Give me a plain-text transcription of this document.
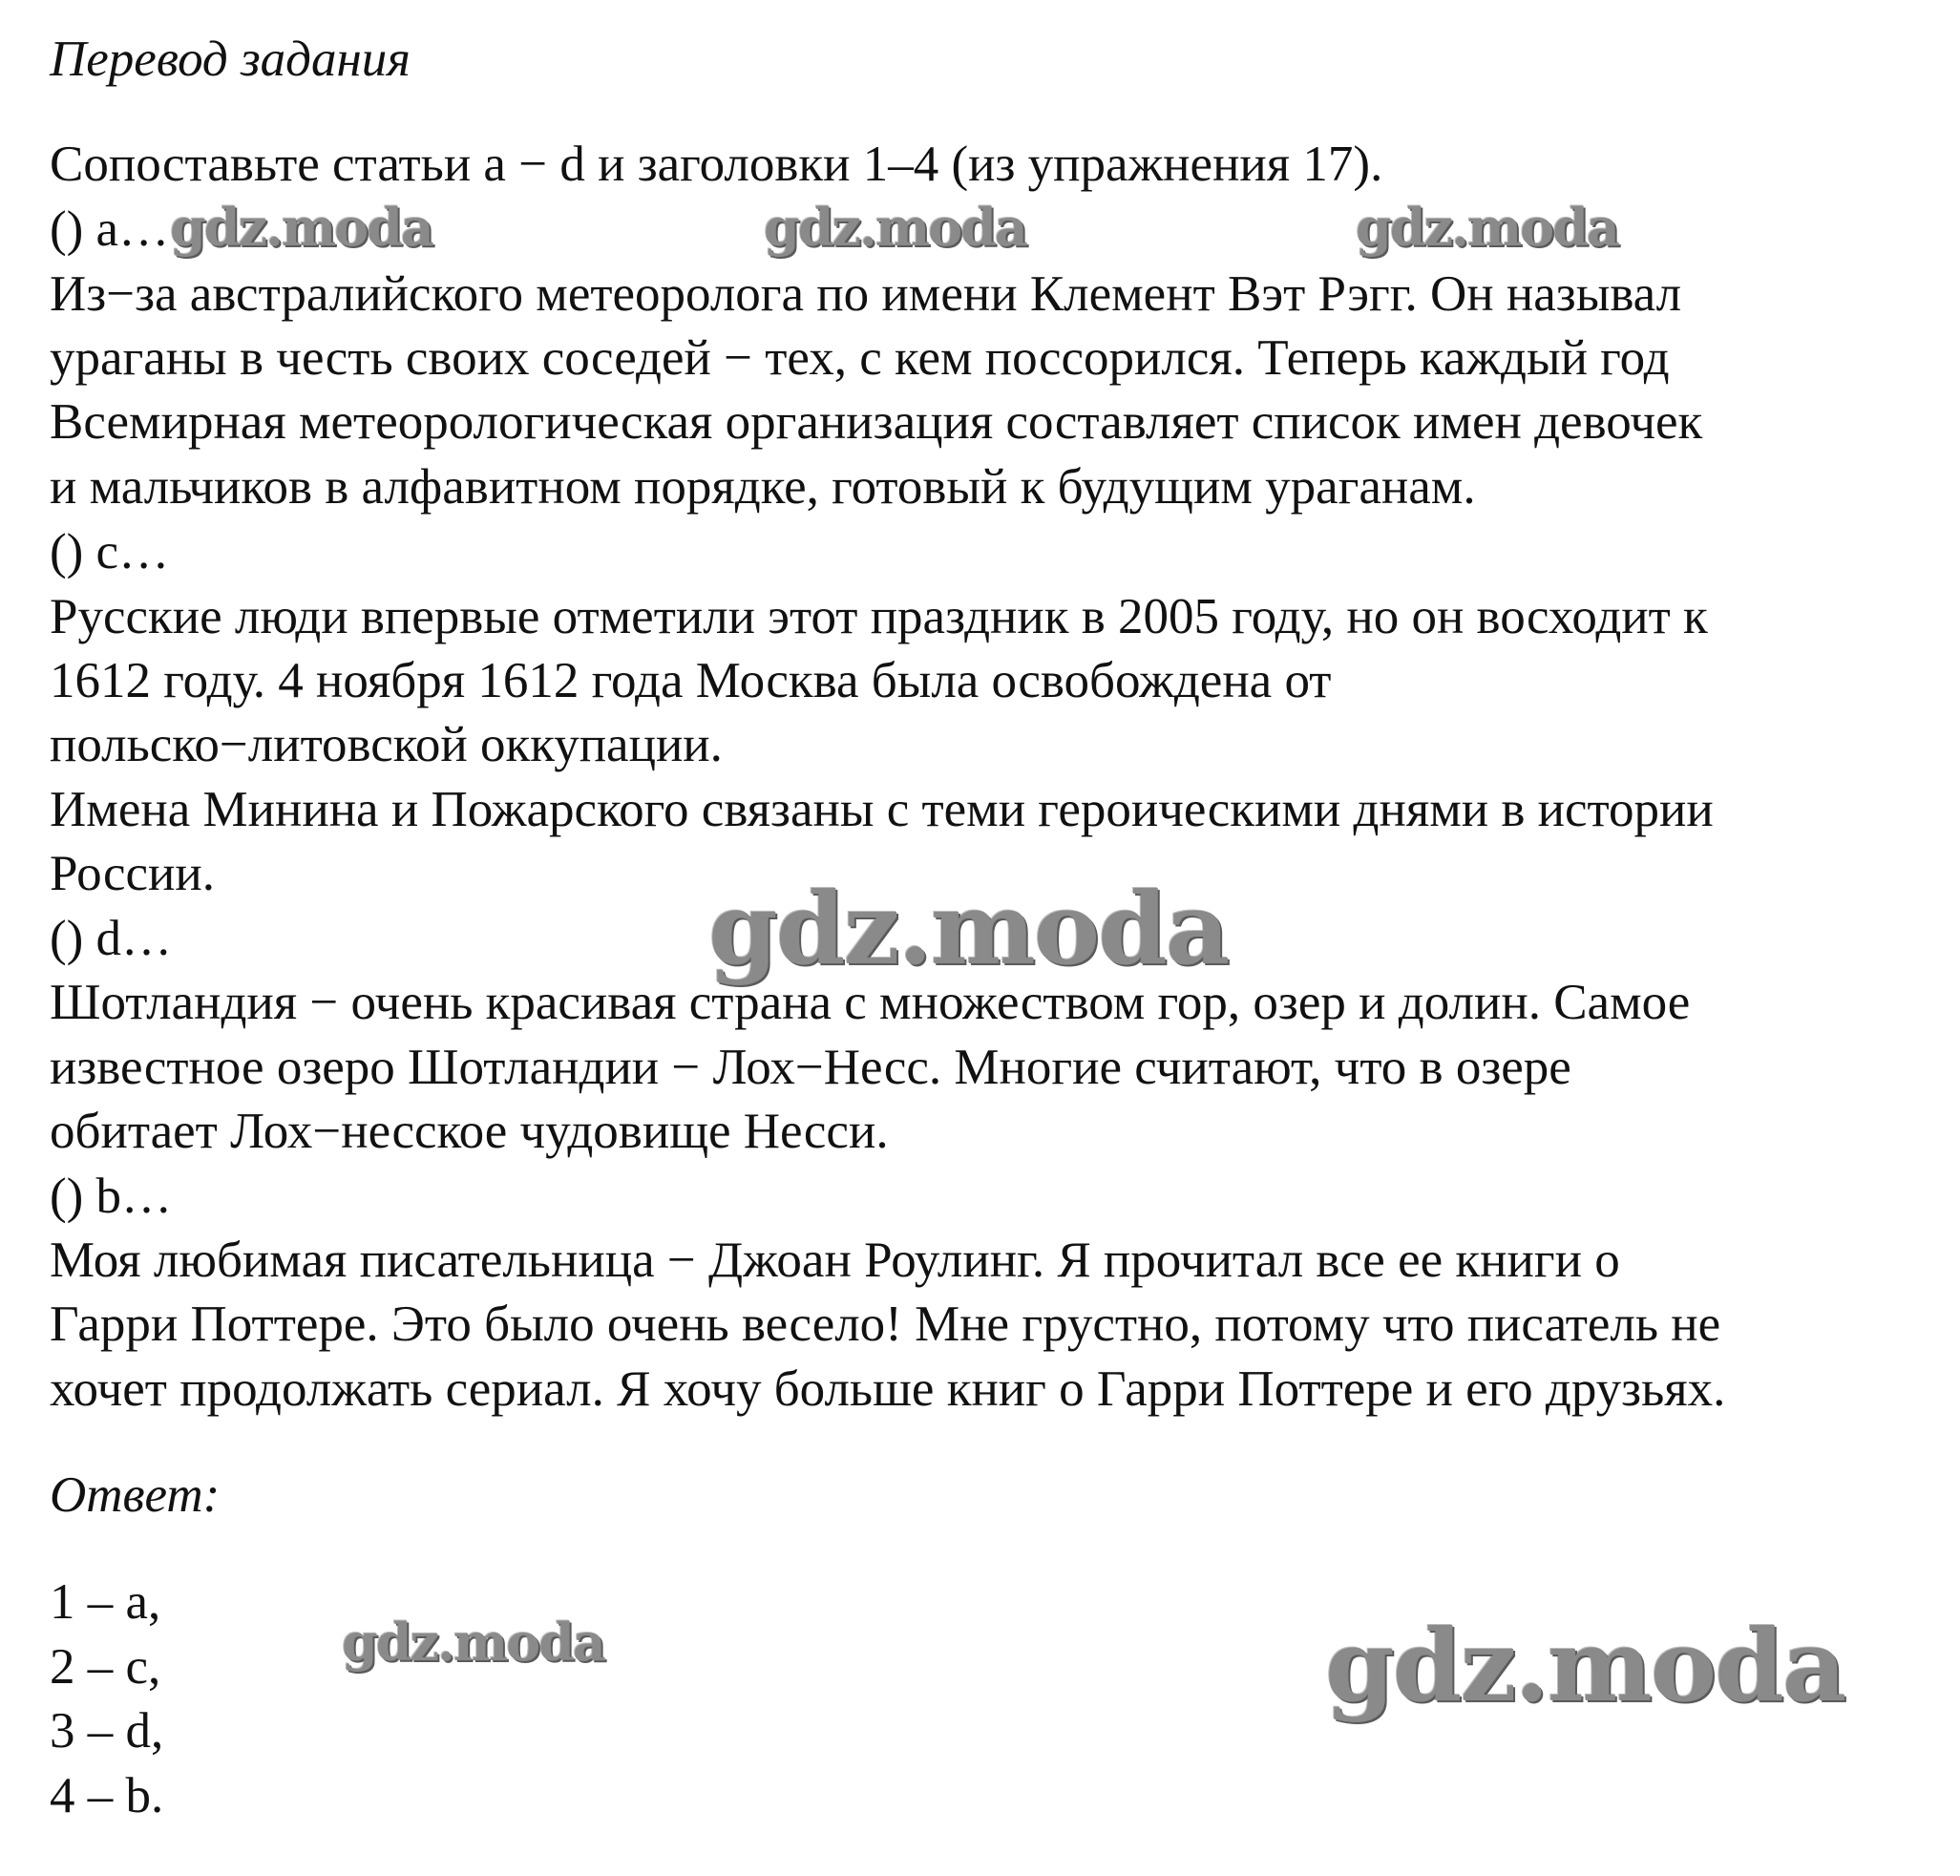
Перевод задания
Сопоставьте статьи a − d и заголовки 1–4 (из упражнения 17).
() a…
Из−за австралийского метеоролога по имени Клемент Вэт Рэгг. Он называл
ураганы в честь своих соседей − тех, с кем поссорился. Теперь каждый год
Всемирная метеорологическая организация составляет список имен девочек
и мальчиков в алфавитном порядке, готовый к будущим ураганам.
() c…
Русские люди впервые отметили этот праздник в 2005 году, но он восходит к
1612 году. 4 ноября 1612 года Москва была освобождена от
польско−литовской оккупации.
Имена Минина и Пожарского связаны с теми героическими днями в истории
России.
() d…
Шотландия − очень красивая страна с множеством гор, озер и долин. Самое
известное озеро Шотландии − Лох−Несс. Многие считают, что в озере
обитает Лох−несское чудовище Несси.
() b…
Моя любимая писательница − Джоан Роулинг. Я прочитал все ее книги о
Гарри Поттере. Это было очень весело! Мне грустно, потому что писатель не
хочет продолжать сериал. Я хочу больше книг о Гарри Поттере и его друзьях.
Ответ:
1 – a,
2 – c,
3 – d,
4 – b.
gdz.moda	gdz.moda	gdz.moda
gdz.moda
gdz.moda	gdz.moda
